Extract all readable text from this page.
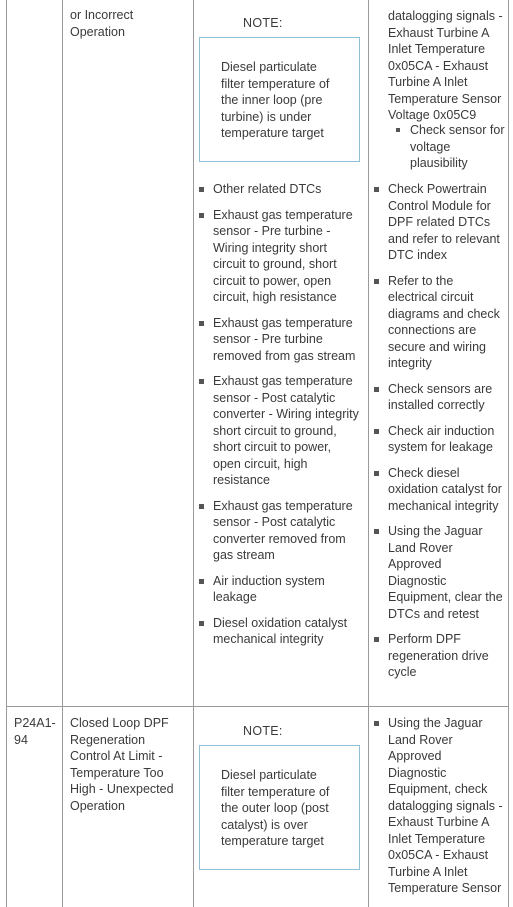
or Incorrect
Operation
NOTE:
Diesel particulate
filter temperature of
the inner loop (pre
turbine) is under
temperature target
datalogging signals -
Exhaust Turbine A
Inlet Temperature
0x05CA - Exhaust
Turbine A Inlet
Temperature Sensor
Voltage 0x05C9
Check sensor for
voltage
plausibility
Other related DTCs
Exhaust gas temperature
sensor - Pre turbine -
Wiring integrity short
circuit to ground, short
circuit to power, open
circuit, high resistance
Exhaust gas temperature
sensor - Pre turbine
removed from gas stream
Exhaust gas temperature
sensor - Post catalytic
converter - Wiring integrity
short circuit to ground,
short circuit to power,
open circuit, high
resistance
Exhaust gas temperature
sensor - Post catalytic
converter removed from
gas stream
Air induction system
leakage
Diesel oxidation catalyst
mechanical integrity
Check Powertrain
Control Module for
DPF related DTCs
and refer to relevant
DTC index
Refer to the
electrical circuit
diagrams and check
connections are
secure and wiring
integrity
Check sensors are
installed correctly
Check air induction
system for leakage
Check diesel
oxidation catalyst for
mechanical integrity
Using the Jaguar
Land Rover
Approved
Diagnostic
Equipment, clear the
DTCs and retest
Perform DPF
regeneration drive
cycle
P24A1-
94
Closed Loop DPF
Regeneration
Control At Limit -
Temperature Too
High - Unexpected
Operation
NOTE:
Diesel particulate
filter temperature of
the outer loop (post
catalyst) is over
temperature target
Using the Jaguar
Land Rover
Approved
Diagnostic
Equipment, check
datalogging signals -
Exhaust Turbine A
Inlet Temperature
0x05CA - Exhaust
Turbine A Inlet
Temperature Sensor
